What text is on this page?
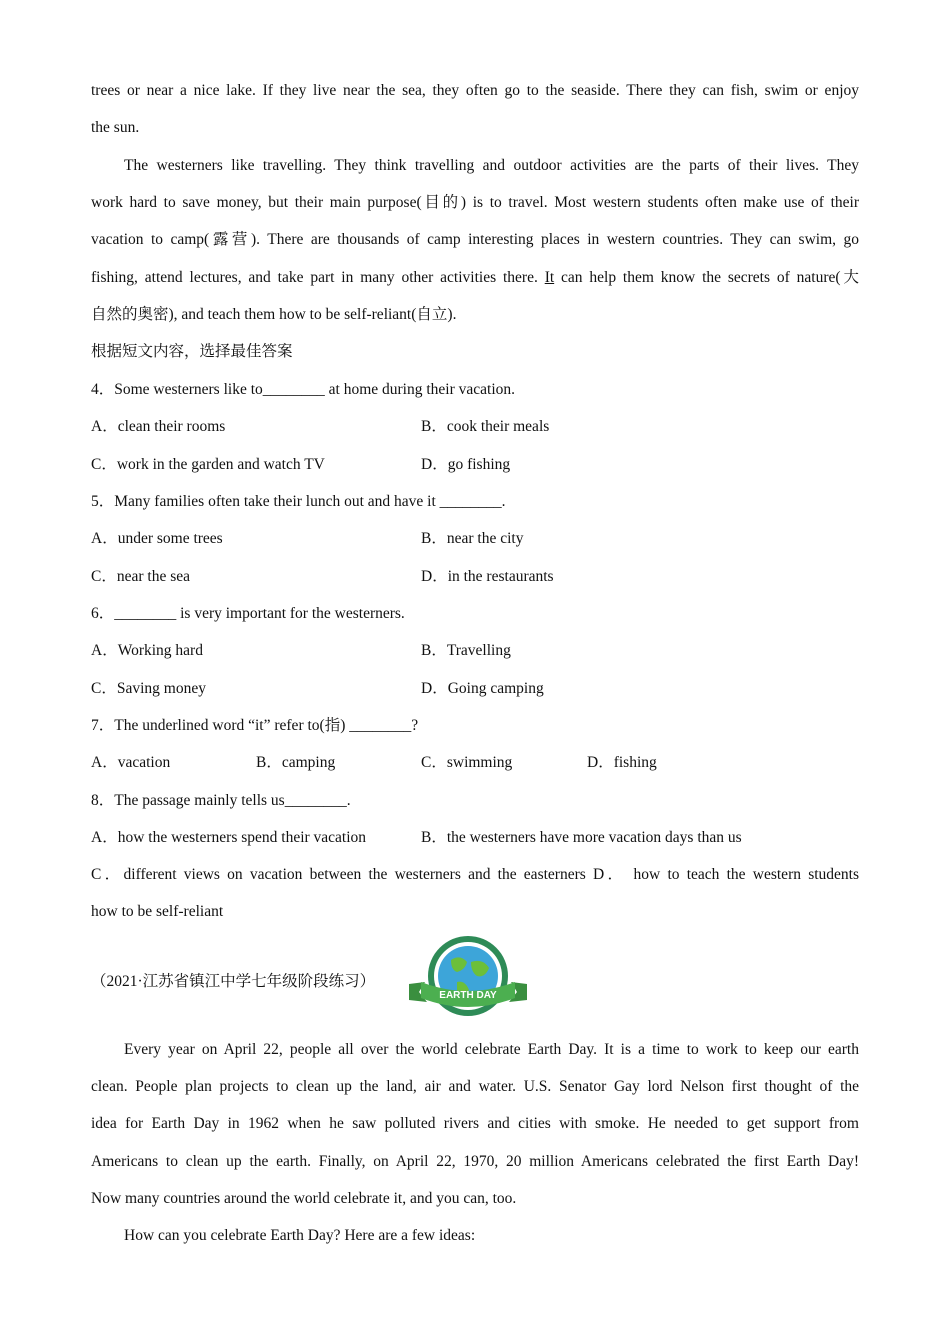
trees or near a nice lake. If they live near the sea, they often go to the seaside. There they can fish, swim or enjoy
the sun.
The westerners like travelling. They think travelling and outdoor activities are the parts of their lives. They
work hard to save money, but their main purpose(目的) is to travel. Most western students often make use of their
vacation to camp(露营). There are thousands of camp interesting places in western countries. They can swim, go
fishing, attend lectures, and take part in many other activities there. It can help them know the secrets of nature(大
自然的奥密), and teach them how to be self-reliant(自立).
根据短文内容，选择最佳答案
4．Some westerners like to________ at home during their vacation.
A．clean their rooms	B．cook their meals
C．work in the garden and watch TV	D．go fishing
5．Many families often take their lunch out and have it ________.
A．under some trees	B．near the city
C．near the sea	D．in the restaurants
6．________ is very important for the westerners.
A．Working hard	B．Travelling
C．Saving money	D．Going camping
7．The underlined word “it” refer to(指) ________?
A．vacation	B．camping	C．swimming	D．fishing
8．The passage mainly tells us________.
A．how the westerners spend their vacation	B．the westerners have more vacation days than us
C．different views on vacation between the westerners and the easterners D． how to teach the western students
how to be self-reliant
（2021·江苏省镇江中学七年级阶段练习）
EARTH DAY
Every year on April 22, people all over the world celebrate Earth Day. It is a time to work to keep our earth
clean. People plan projects to clean up the land, air and water. U.S. Senator Gay lord Nelson first thought of the
idea for Earth Day in 1962 when he saw polluted rivers and cities with smoke. He needed to get support from
Americans to clean up the earth. Finally, on April 22, 1970, 20 million Americans celebrated the first Earth Day!
Now many countries around the world celebrate it, and you can, too.
How can you celebrate Earth Day? Here are a few ideas:
